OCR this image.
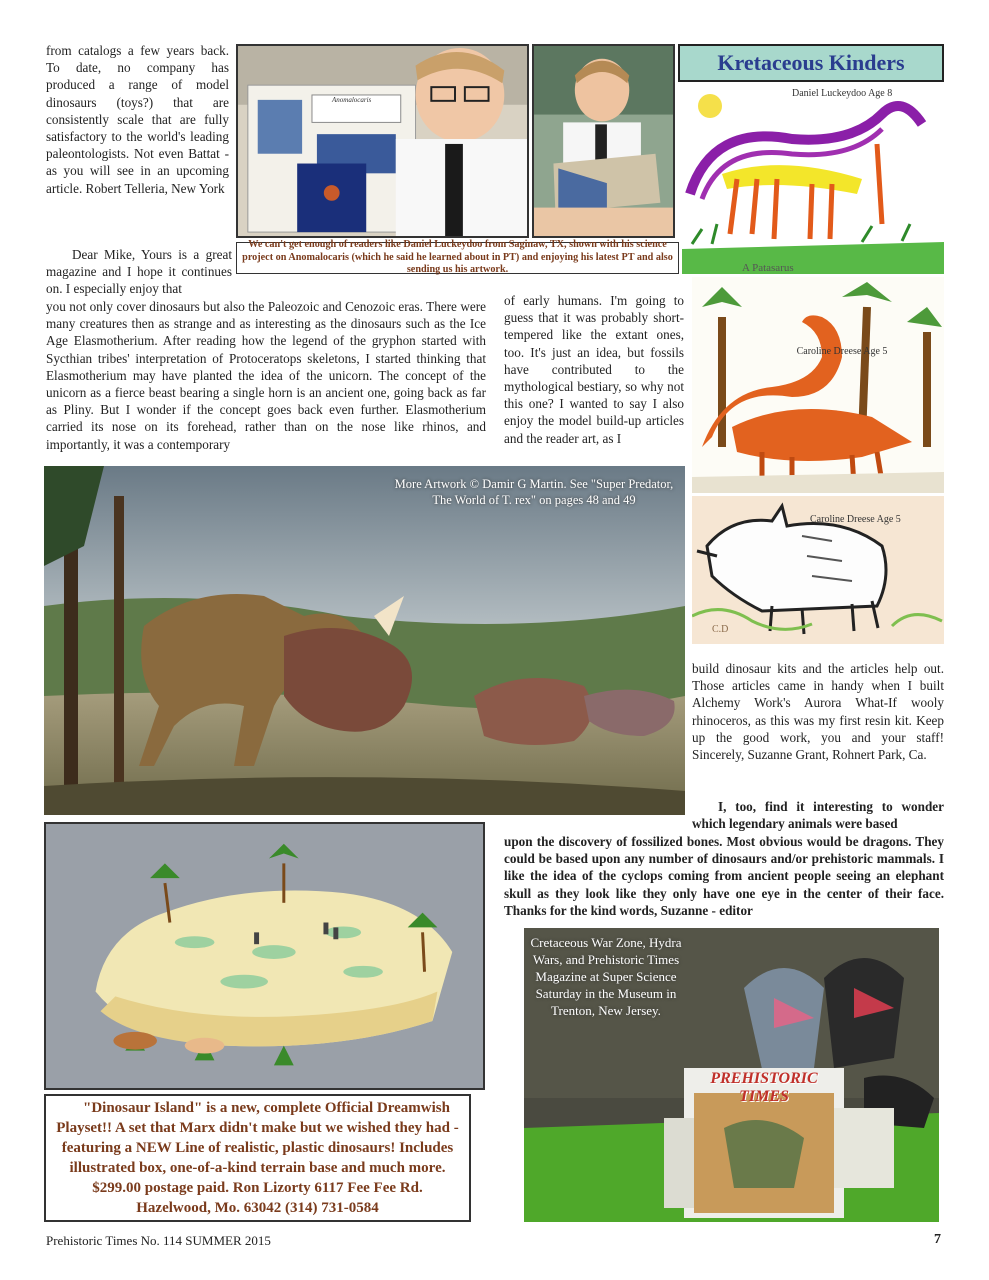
from catalogs a few years back. To date, no company has produced a range of model dinosaurs (toys?) that are consistently scale that are fully satisfactory to the world's leading paleontologists. Not even Battat - as you will see in an upcoming article. Robert Telleria, New York

Anomalocaris
Kretaceous Kinders
Daniel Luckeydoo Age 8
A Patasarus
Caroline Dreese Age 5
Caroline Dreese Age 5
C.D
We can't get enough of readers like Daniel Luckeydoo from Saginaw, TX, shown with his science project on Anomalocaris (which he said he learned about in PT) and enjoying his latest PT and also sending us his artwork.

Dear Mike, Yours is a great magazine and I hope it continues on. I especially enjoy that

you not only cover dinosaurs but also the Paleozoic and Cenozoic eras. There were many creatures then as strange and as interesting as the dinosaurs such as the Ice Age Elasmotherium. After reading how the legend of the gryphon started with Sycthian tribes' interpretation of Protoceratops skeletons, I started thinking that Elasmotherium may have planted the idea of the unicorn. The concept of the unicorn as a fierce beast bearing a single horn is an ancient one, going back as far as Pliny. But I wonder if the concept goes back even further. Elasmotherium carried its nose on its forehead, rather than on the nose like rhinos, and importantly, it was a contemporary

of early humans. I'm going to guess that it was probably short-tempered like the extant ones, too. It's just an idea, but fossils have contributed to the mythological bestiary, so why not this one? I wanted to say I also enjoy the model build-up articles and the reader art, as I

More Artwork © Damir G Martin. See "Super Predator, The World of T. rex" on pages 48 and 49

build dinosaur kits and the articles help out. Those articles came in handy when I built Alchemy Work's Aurora What-If wooly rhinoceros, as this was my first resin kit. Keep up the good work, you and your staff! Sincerely, Suzanne Grant, Rohnert Park, Ca.

I, too, find it interesting to wonder which legendary animals were based

upon the discovery of fossilized bones. Most obvious would be dragons. They could be based upon any number of dinosaurs and/or prehistoric mammals. I like the idea of the cyclops coming from ancient people seeing an elephant skull as they look like they only have one eye in the center of their face. Thanks for the kind words, Suzanne - editor

"Dinosaur Island" is a new, complete Official Dreamwish Playset!! A set that Marx didn't make but we wished they had - featuring a NEW Line of realistic, plastic dinosaurs! Includes illustrated box, one-of-a-kind terrain base and much more. $299.00 postage paid. Ron Lizorty 6117 Fee Fee Rd. Hazelwood, Mo. 63042 (314) 731-0584

PREHISTORIC TIMES
Cretaceous War Zone, Hydra Wars, and Prehistoric Times Magazine at Super Science Saturday in the Museum in Trenton, New Jersey.
Prehistoric Times No. 114 SUMMER 2015	7
